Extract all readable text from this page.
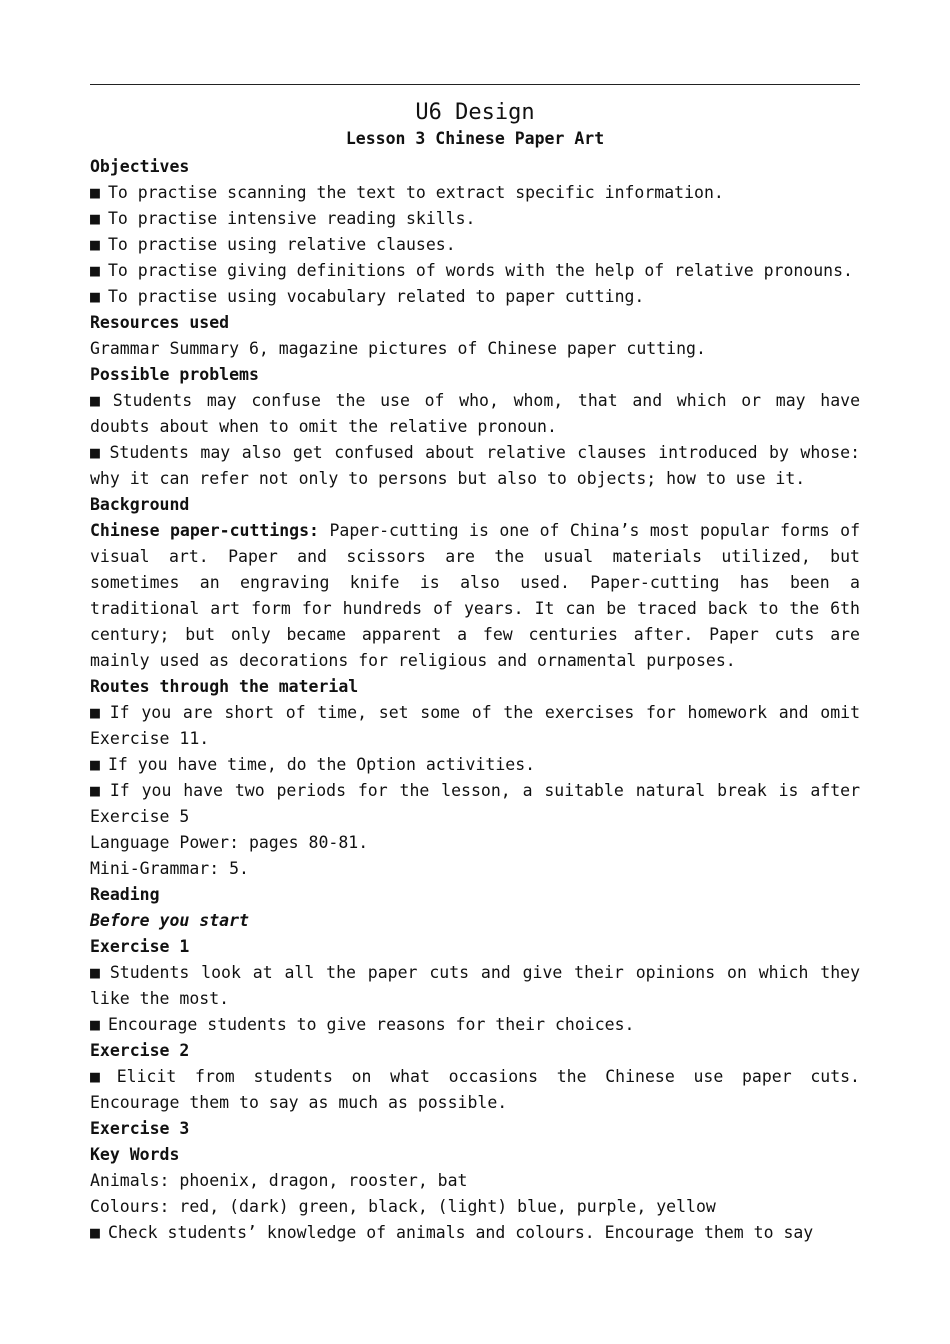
U6 Design

Lesson 3 Chinese Paper Art

Objectives

■ To practise scanning the text to extract specific information.

■ To practise intensive reading skills.

■ To practise using relative clauses.

■ To practise giving definitions of words with the help of relative pronouns.

■ To practise using vocabulary related to paper cutting.

Resources used

Grammar Summary 6, magazine pictures of Chinese paper cutting.

Possible problems

■ Students may confuse the use of who, whom, that and which or may have doubts about when to omit the relative pronoun.

■ Students may also get confused about relative clauses introduced by whose: why it can refer not only to persons but also to objects; how to use it.

Background

Chinese paper-cuttings: Paper-cutting is one of China’s most popular forms of visual art. Paper and scissors are the usual materials utilized, but sometimes an engraving knife is also used. Paper-cutting has been a traditional art form for hundreds of years. It can be traced back to the 6th century; but only became apparent a few centuries after. Paper cuts are mainly used as decorations for religious and ornamental purposes.

Routes through the material

■ If you are short of time, set some of the exercises for homework and omit Exercise 11.

■ If you have time, do the Option activities.

■ If you have two periods for the lesson, a suitable natural break is after Exercise 5

Language Power: pages 80-81.

Mini-Grammar: 5.

Reading

Before you start

Exercise 1

■ Students look at all the paper cuts and give their opinions on which they like the most.

■ Encourage students to give reasons for their choices.

Exercise 2

■ Elicit from students on what occasions the Chinese use paper cuts. Encourage them to say as much as possible.

Exercise 3

Key Words

Animals: phoenix, dragon, rooster, bat

Colours: red, (dark) green, black, (light) blue, purple, yellow

■ Check students’ knowledge of animals and colours. Encourage them to say
